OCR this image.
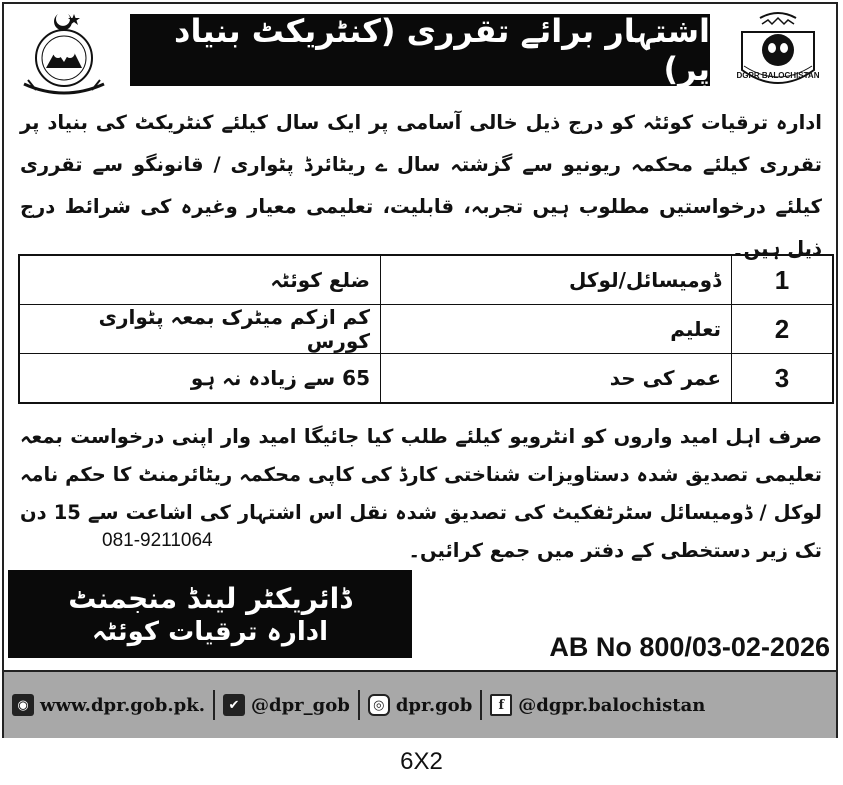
اشتہار برائے تقرری (کنٹریکٹ بنیاد پر)	DGPR BALOCHISTAN
ادارہ ترقیات کوئٹہ کو درج ذیل خالی آسامی پر ایک سال کیلئے کنٹریکٹ کی بنیاد پر تقرری کیلئے محکمہ ریونیو سے گزشتہ سال ے ریٹائرڈ پٹواری / قانونگو سے تقرری کیلئے درخواستیں مطلوب ہیں تجربہ، قابلیت، تعلیمی معیار وغیرہ کی شرائط درج ذیل ہیں۔
ضلع کوئٹہ	ڈومیسائل/لوکل	1
کم ازکم میٹرک بمعہ پٹواری کورس	تعلیم	2
65 سے زیادہ نہ ہو	عمر کی حد	3
صرف اہل امید واروں کو انٹرویو کیلئے طلب کیا جائیگا امید وار اپنی درخواست بمعہ تعلیمی تصدیق شدہ دستاویزات شناختی کارڈ کی کاپی محکمہ ریٹائرمنٹ کا حکم نامہ لوکل / ڈومیسائل سٹرٹفکیٹ کی تصدیق شدہ نقل اس اشتہار کی اشاعت سے 15 دن تک زیر دستخطی کے دفتر میں جمع کرائیں۔
081-9211064
ڈائریکٹر لینڈ منجمنٹ
ادارہ ترقیات کوئٹہ
AB No 800/03-02-2026
◉ www.dpr.gob.pk.	✔ @dpr_gob	◎ dpr.gob	f @dgpr.balochistan
6X2
